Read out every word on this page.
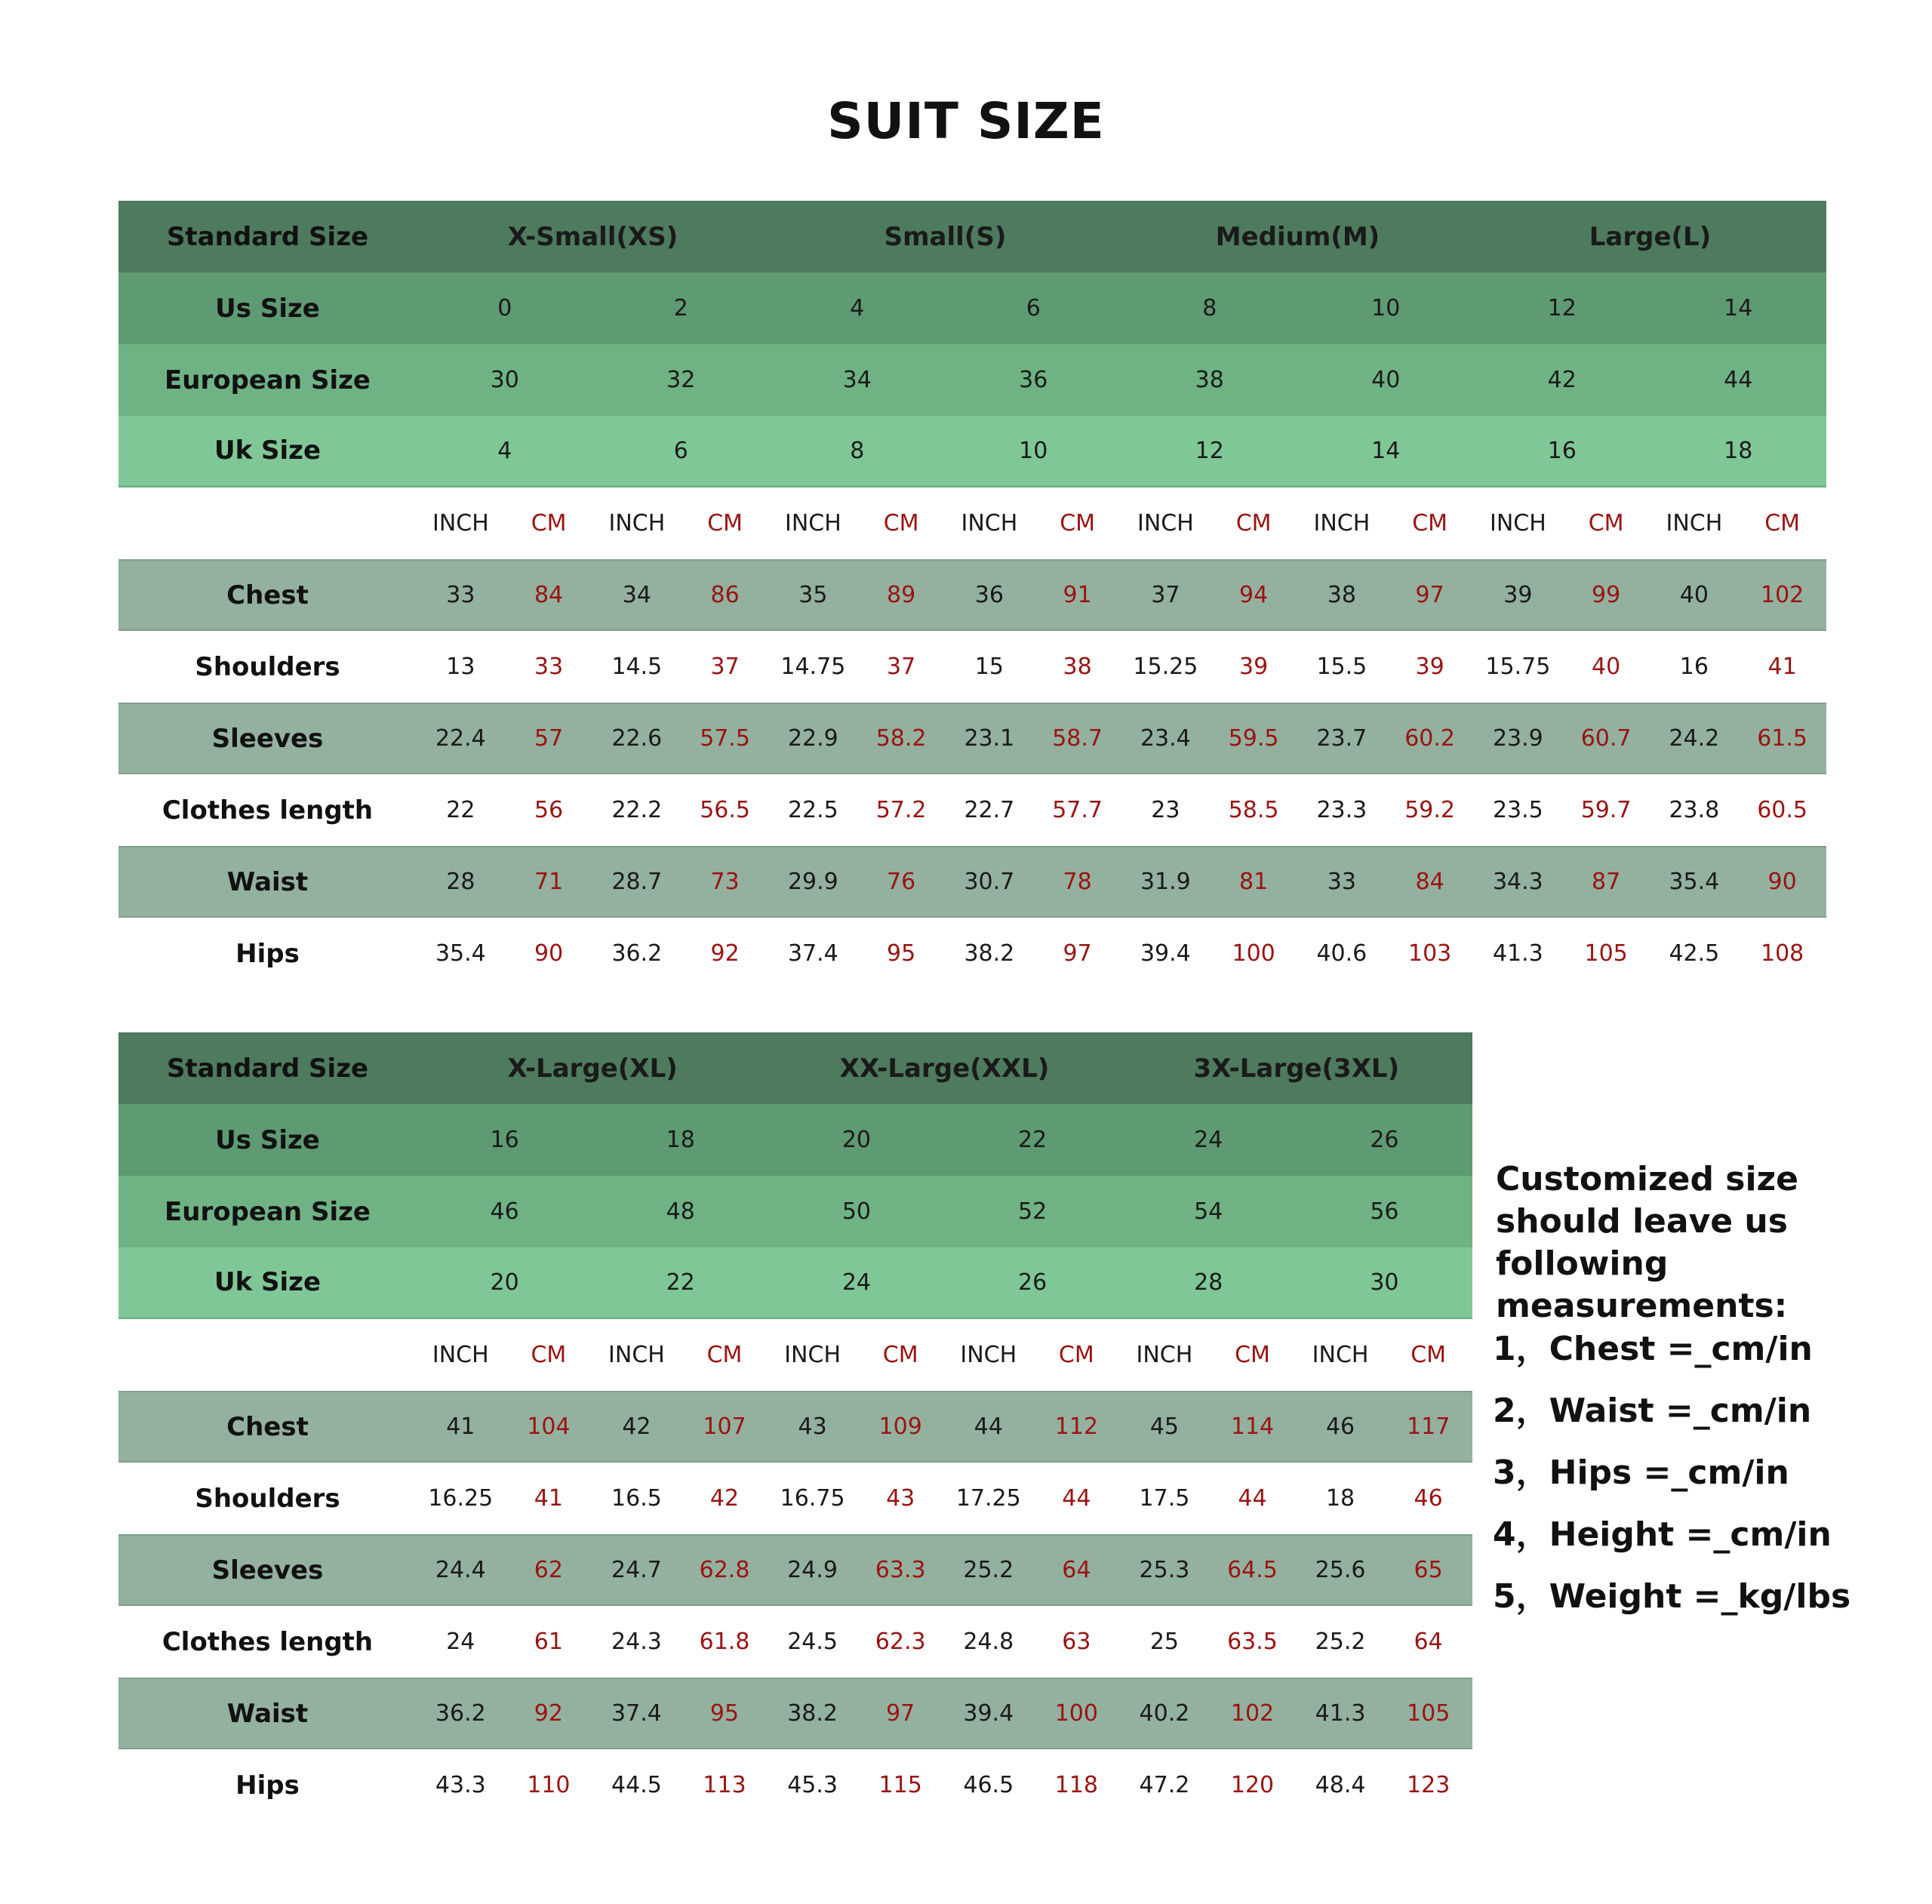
SUIT SIZE
Standard Size	X-Small(XS)	Small(S)	Medium(M)	Large(L)
Us Size	0	2	4	6	8	10	12	14
European Size	30	32	34	36	38	40	42	44
Uk Size	4	6	8	10	12	14	16	18
INCH	CM	INCH	CM	INCH	CM	INCH	CM	INCH	CM	INCH	CM	INCH	CM	INCH	CM
Chest	33	84	34	86	35	89	36	91	37	94	38	97	39	99	40	102
Shoulders	13	33	14.5	37	14.75	37	15	38	15.25	39	15.5	39	15.75	40	16	41
Sleeves	22.4	57	22.6	57.5	22.9	58.2	23.1	58.7	23.4	59.5	23.7	60.2	23.9	60.7	24.2	61.5
Clothes length	22	56	22.2	56.5	22.5	57.2	22.7	57.7	23	58.5	23.3	59.2	23.5	59.7	23.8	60.5
Waist	28	71	28.7	73	29.9	76	30.7	78	31.9	81	33	84	34.3	87	35.4	90
Hips	35.4	90	36.2	92	37.4	95	38.2	97	39.4	100	40.6	103	41.3	105	42.5	108
Standard Size	X-Large(XL)	XX-Large(XXL)	3X-Large(3XL)
Us Size	16	18	20	22	24	26
European Size	46	48	50	52	54	56
Uk Size	20	22	24	26	28	30
INCH	CM	INCH	CM	INCH	CM	INCH	CM	INCH	CM	INCH	CM
Chest	41	104	42	107	43	109	44	112	45	114	46	117
Shoulders	16.25	41	16.5	42	16.75	43	17.25	44	17.5	44	18	46
Sleeves	24.4	62	24.7	62.8	24.9	63.3	25.2	64	25.3	64.5	25.6	65
Clothes length	24	61	24.3	61.8	24.5	62.3	24.8	63	25	63.5	25.2	64
Waist	36.2	92	37.4	95	38.2	97	39.4	100	40.2	102	41.3	105
Hips	43.3	110	44.5	113	45.3	115	46.5	118	47.2	120	48.4	123
Customized size should leave us following measurements:
1，Chest =_cm/in
2，Waist =_cm/in
3，Hips =_cm/in
4，Height =_cm/in
5，Weight =_kg/lbs
